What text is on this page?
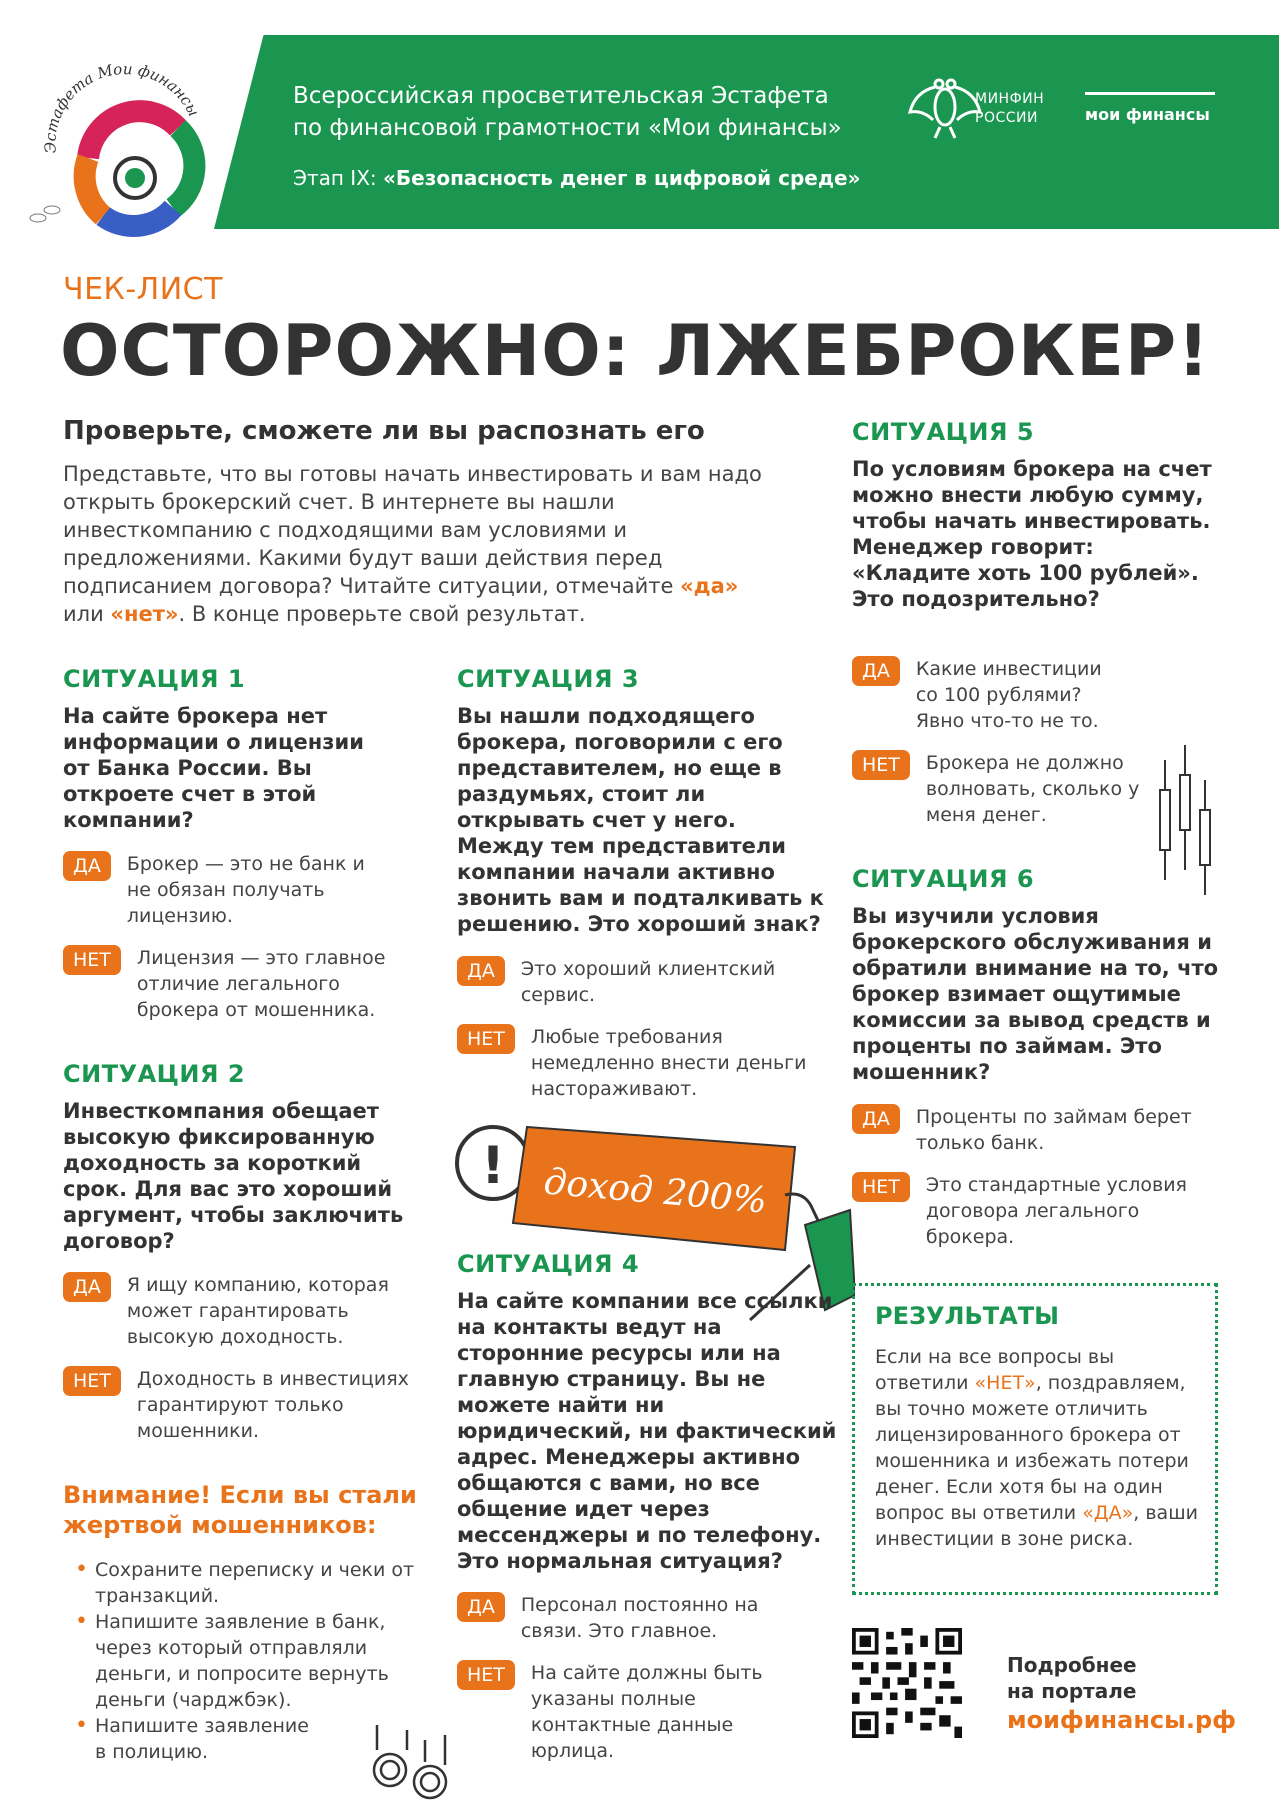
Эстафета Мои финансы
Всероссийская просветительская Эстафета
по финансовой грамотности «Мои финансы»
Этап IX: «Безопасность денег в цифровой среде»
МИНФИН
РОССИИ	мои финансы
ЧЕК-ЛИСТ
ОСТОРОЖНО: ЛЖЕБРОКЕР!
Проверьте, сможете ли вы распознать его
Представьте, что вы готовы начать инвестировать и вам надо открыть брокерский счет. В интернете вы нашли инвесткомпанию с подходящими вам условиями и предложениями. Какими будут ваши действия перед подписанием договора? Читайте ситуации, отмечайте «да» или «нет». В конце проверьте свой результат.
СИТУАЦИЯ 1
На сайте брокера нет информации о лицензии от Банка России. Вы откроете счет в этой компании?
ДА	Брокер — это не банк и не обязан получать лицензию.
НЕТ	Лицензия — это главное отличие легального брокера от мошенника.
СИТУАЦИЯ 2
Инвесткомпания обещает высокую фиксированную доходность за короткий срок. Для вас это хороший аргумент, чтобы заключить договор?
ДА	Я ищу компанию, которая может гарантировать высокую доходность.
НЕТ	Доходность в инвестициях гарантируют только мошенники.
СИТУАЦИЯ 3
Вы нашли подходящего брокера, поговорили с его представителем, но еще в раздумьях, стоит ли открывать счет у него. Между тем представители компании начали активно звонить вам и подталкивать к решению. Это хороший знак?
ДА	Это хороший клиентский сервис.
НЕТ	Любые требования немедленно внести деньги настораживают.
! доход 200%
СИТУАЦИЯ 4
На сайте компании все ссылки на контакты ведут на сторонние ресурсы или на главную страницу. Вы не можете найти ни юридический, ни фактический адрес. Менеджеры активно общаются с вами, но все общение идет через мессенджеры и по телефону. Это нормальная ситуация?
ДА	Персонал постоянно на связи. Это главное.
НЕТ	На сайте должны быть указаны полные контактные данные юрлица.
СИТУАЦИЯ 5
По условиям брокера на счет можно внести любую сумму, чтобы начать инвестировать. Менеджер говорит: «Кладите хоть 100 рублей». Это подозрительно?
ДА	Какие инвестиции со 100 рублями? Явно что-то не то.
НЕТ	Брокера не должно волновать, сколько у меня денег.
СИТУАЦИЯ 6
Вы изучили условия брокерского обслуживания и обратили внимание на то, что брокер взимает ощутимые комиссии за вывод средств и проценты по займам. Это мошенник?
ДА	Проценты по займам берет только банк.
НЕТ	Это стандартные условия договора легального брокера.
Внимание! Если вы стали жертвой мошенников:
• Сохраните переписку и чеки от транзакций.
• Напишите заявление в банк, через который отправляли деньги, и попросите вернуть деньги (чарджбэк).
• Напишите заявление в полицию.
РЕЗУЛЬТАТЫ
Если на все вопросы вы ответили «НЕТ», поздравляем, вы точно можете отличить лицензированного брокера от мошенника и избежать потери денег. Если хотя бы на один вопрос вы ответили «ДА», ваши инвестиции в зоне риска.
Подробнее
на портале
моифинансы.рф
